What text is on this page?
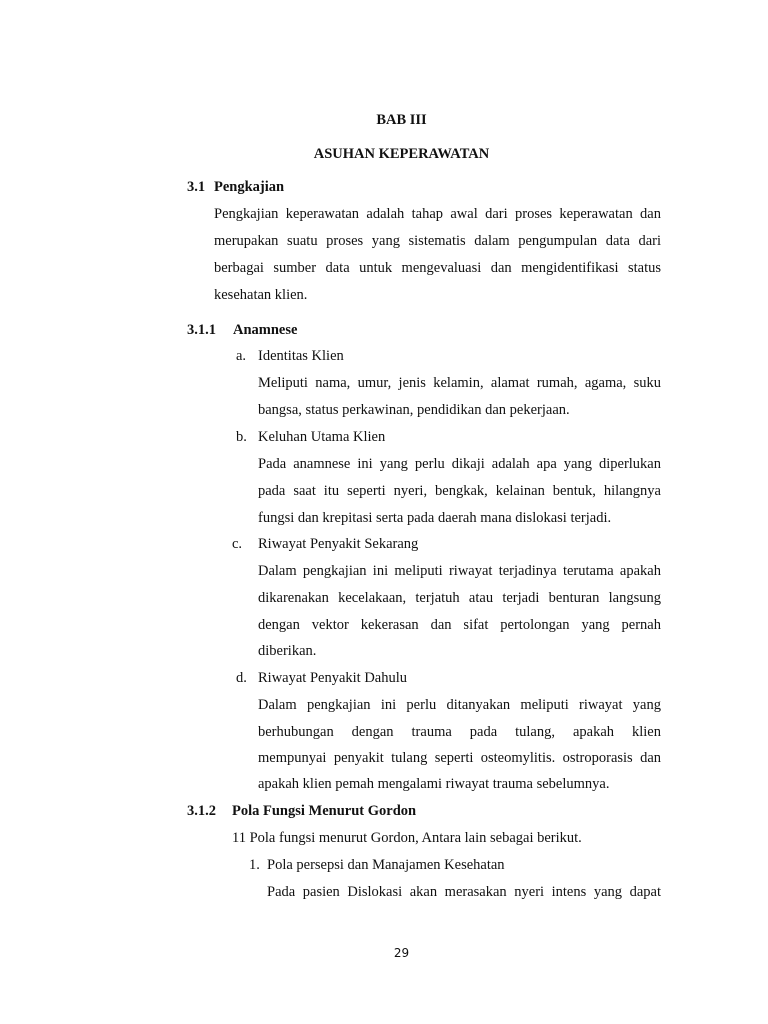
BAB III
ASUHAN KEPERAWATAN
3.1 Pengkajian
Pengkajian keperawatan adalah tahap awal dari proses keperawatan dan
merupakan suatu proses yang sistematis dalam pengumpulan data dari
berbagai sumber data untuk mengevaluasi dan mengidentifikasi status
kesehatan klien.
3.1.1 Anamnese
a. Identitas Klien
Meliputi nama, umur, jenis kelamin, alamat rumah, agama, suku
bangsa, status perkawinan, pendidikan dan pekerjaan.
b. Keluhan Utama Klien
Pada anamnese ini yang perlu dikaji adalah apa yang diperlukan
pada saat itu seperti nyeri, bengkak, kelainan bentuk, hilangnya
fungsi dan krepitasi serta pada daerah mana dislokasi terjadi.
c. Riwayat Penyakit Sekarang
Dalam pengkajian ini meliputi riwayat terjadinya terutama apakah
dikarenakan kecelakaan, terjatuh atau terjadi benturan langsung
dengan vektor kekerasan dan sifat pertolongan yang pernah
diberikan.
d. Riwayat Penyakit Dahulu
Dalam pengkajian ini perlu ditanyakan meliputi riwayat yang
berhubungan dengan trauma pada tulang, apakah klien
mempunyai penyakit tulang seperti osteomylitis. ostroporasis dan
apakah klien pemah mengalami riwayat trauma sebelumnya.
3.1.2 Pola Fungsi Menurut Gordon
11 Pola fungsi menurut Gordon, Antara lain sebagai berikut.
1. Pola persepsi dan Manajamen Kesehatan
Pada pasien Dislokasi akan merasakan nyeri intens yang dapat
29
